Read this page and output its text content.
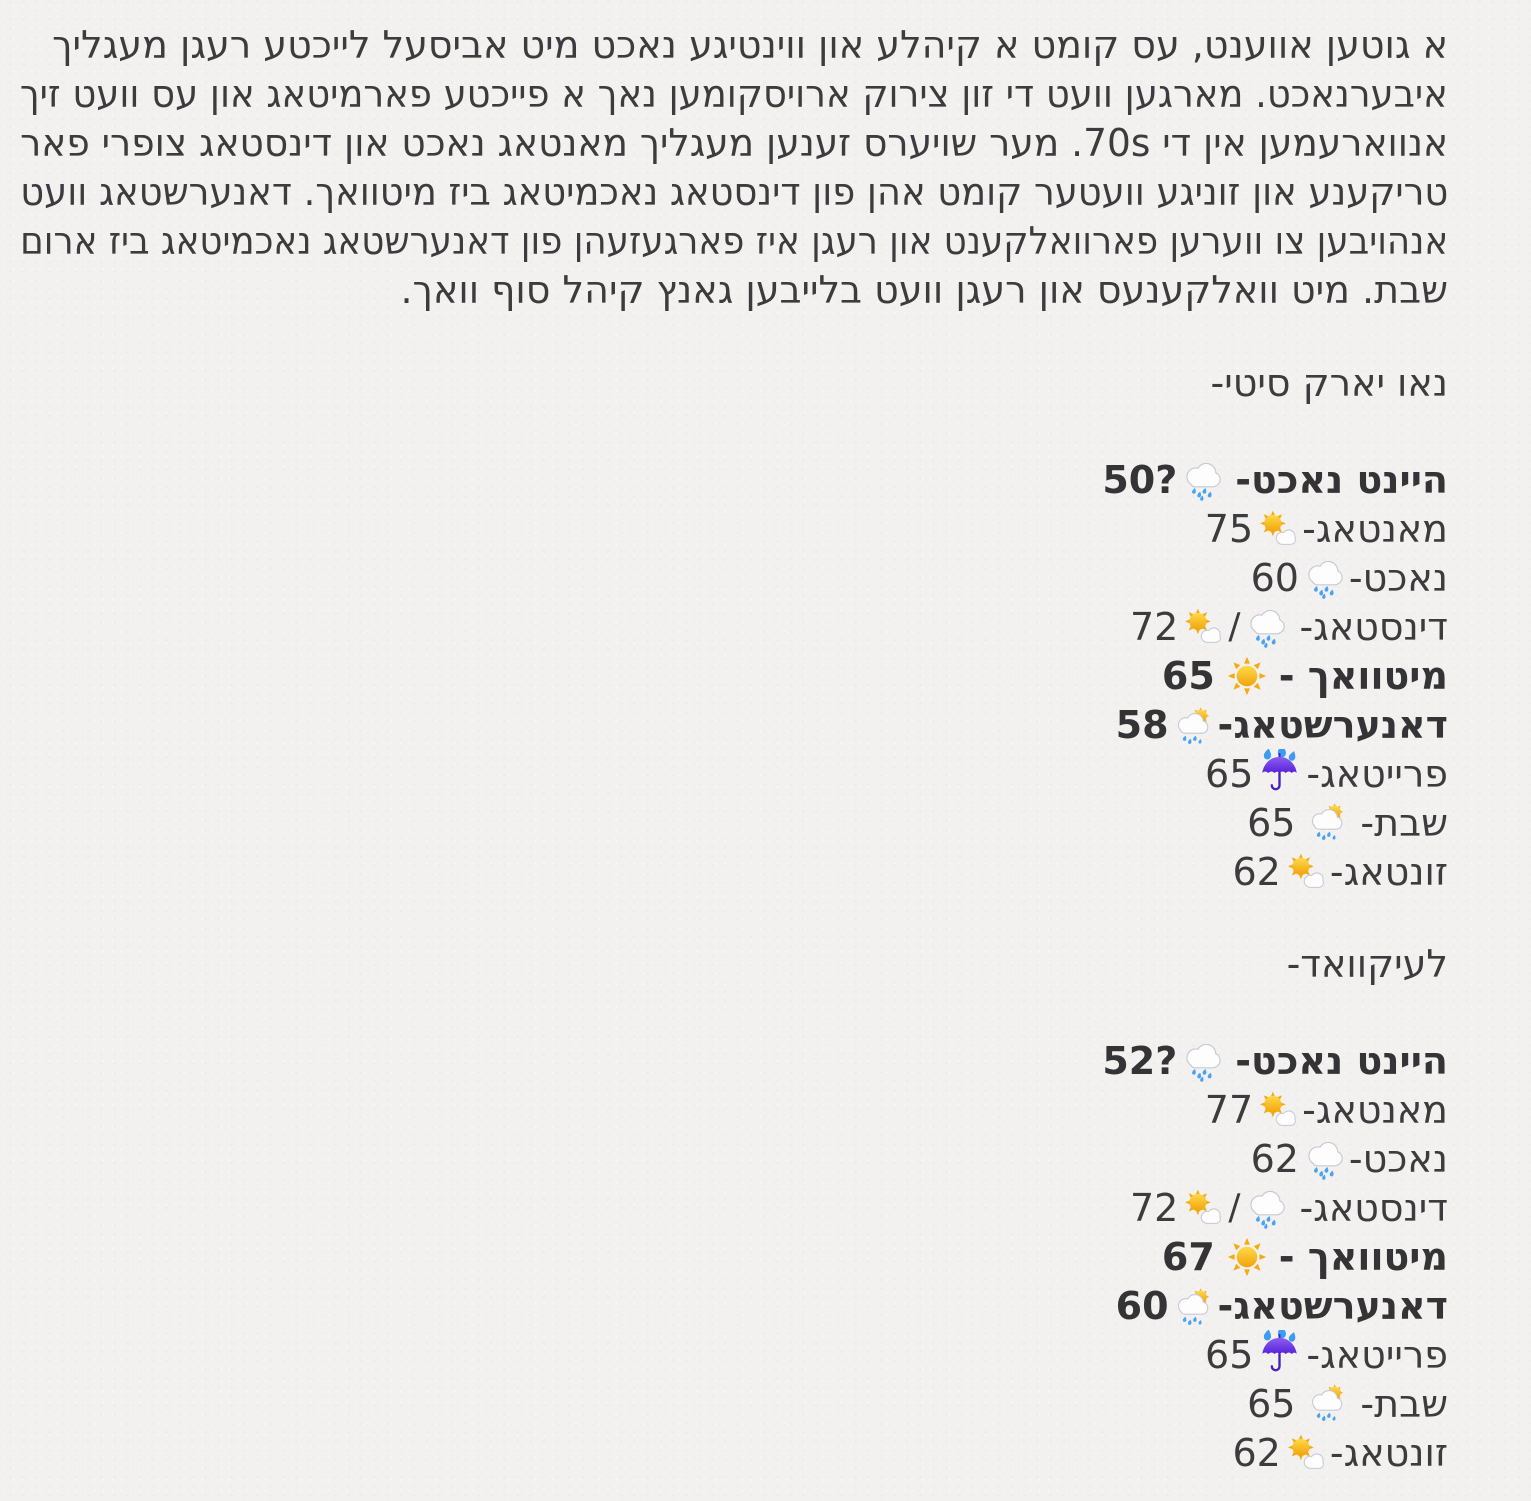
א גוטען אווענט, עס קומט א קיהלע און ווינטיגע נאכט מיט אביסעל לייכטע רעגן מעגליך
איבערנאכט. מארגען וועט די זון צירוק ארויסקומען נאך א פייכטע פארמיטאג און עס וועט זיך
אנווארעמען אין די 70s. מער שויערס זענען מעגליך מאנטאג נאכט און דינסטאג צופרי פאר
טריקענע און זוניגע וועטער קומט אהן פון דינסטאג נאכמיטאג ביז מיטוואך. דאנערשטאג וועט
אנהויבען צו ווערען פארוואלקענט און רעגן איז פארגעזעהן פון דאנערשטאג נאכמיטאג ביז ארום
שבת. מיט וואלקענעס און רעגן וועט בלייבען גאנץ קיהל סוף וואך.
נאו יארק סיטי-
היינט נאכט-
50?
מאנטאג-
75
נאכט-
60
דינסטאג-
/
72
מיטוואך -
65
דאנערשטאג-
58
פרייטאג-
65
שבת-
65
זונטאג-
62
לעיקוואד-
היינט נאכט-
52?
מאנטאג-
77
נאכט-
62
דינסטאג-
/
72
מיטוואך -
67
דאנערשטאג-
60
פרייטאג-
65
שבת-
65
זונטאג-
62
